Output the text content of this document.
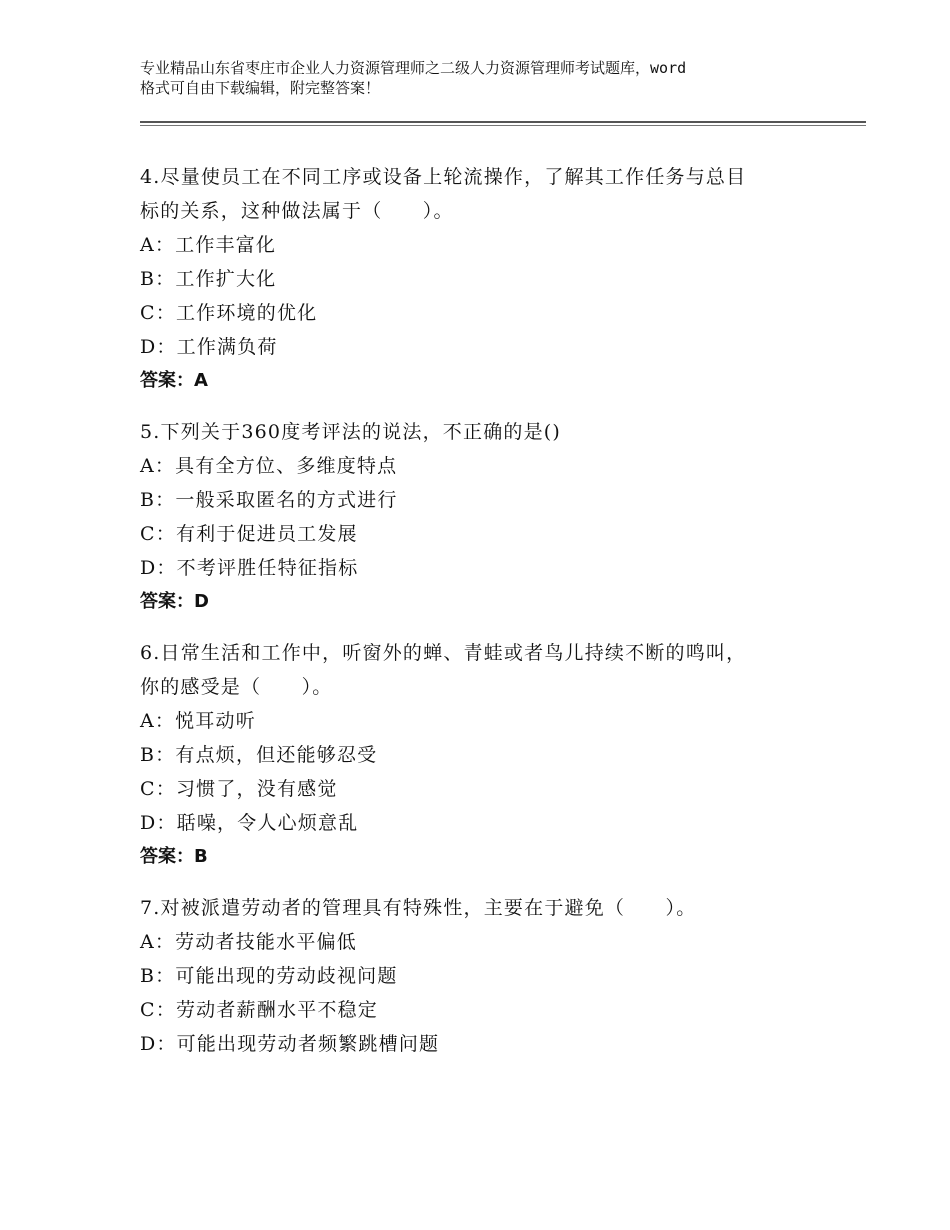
专业精品山东省枣庄市企业人力资源管理师之二级人力资源管理师考试题库，word
格式可自由下载编辑，附完整答案！
4.尽量使员工在不同工序或设备上轮流操作，了解其工作任务与总目
标的关系，这种做法属于（　　）。
A：工作丰富化
B：工作扩大化
C：工作环境的优化
D：工作满负荷
答案：A
5.下列关于360度考评法的说法，不正确的是()
A：具有全方位、多维度特点
B：一般采取匿名的方式进行
C：有利于促进员工发展
D：不考评胜任特征指标
答案：D
6.日常生活和工作中，听窗外的蝉、青蛙或者鸟儿持续不断的鸣叫，
你的感受是（　　）。
A：悦耳动听
B：有点烦，但还能够忍受
C：习惯了，没有感觉
D：聒噪，令人心烦意乱
答案：B
7.对被派遣劳动者的管理具有特殊性，主要在于避免（　　）。
A：劳动者技能水平偏低
B：可能出现的劳动歧视问题
C：劳动者薪酬水平不稳定
D：可能出现劳动者频繁跳槽问题
